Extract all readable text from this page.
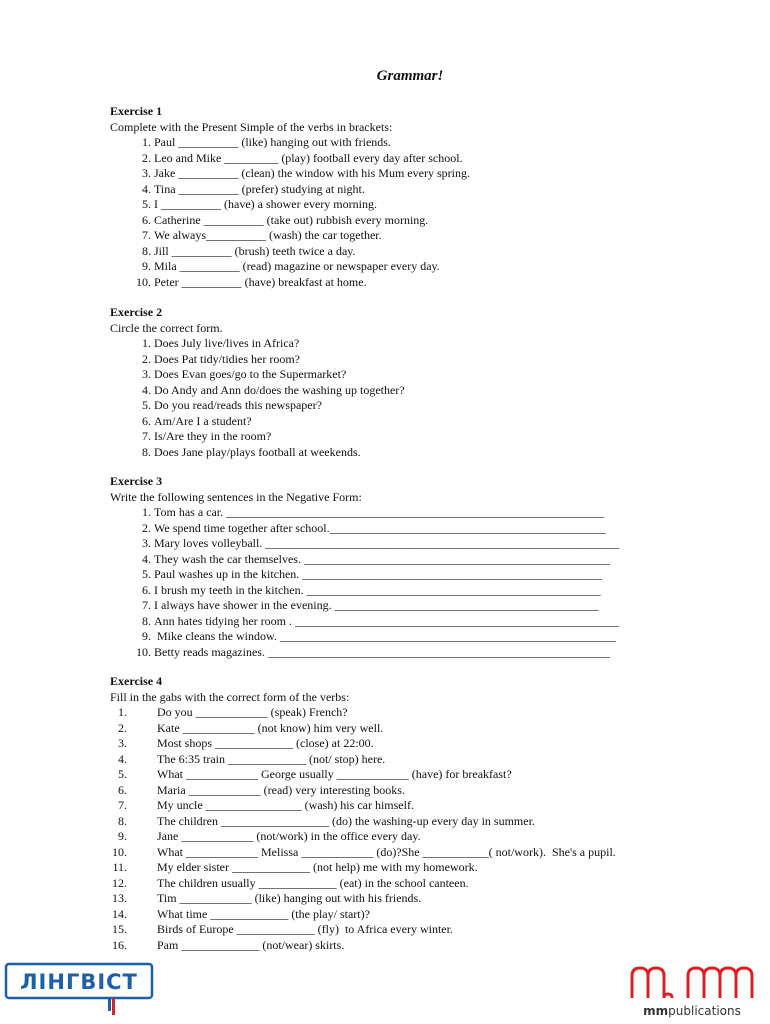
Grammar!
Exercise 1

Complete with the Present Simple of the verbs in brackets:

1. Paul __________ (like) hanging out with friends.
2. Leo and Mike _________ (play) football every day after school.
3. Jake __________ (clean) the window with his Mum every spring.
4. Tina __________ (prefer) studying at night.
5. I __________ (have) a shower every morning.
6. Catherine __________ (take out) rubbish every morning.
7. We always__________ (wash) the car together.
8. Jill __________ (brush) teeth twice a day.
9. Mila __________ (read) magazine or newspaper every day.
10. Peter __________ (have) breakfast at home.
Exercise 2

Circle the correct form.

1. Does July live/lives in Africa?
2. Does Pat tidy/tidies her room?
3. Does Evan goes/go to the Supermarket?
4. Do Andy and Ann do/does the washing up together?
5. Do you read/reads this newspaper?
6. Am/Are I a student?
7. Is/Are they in the room?
8. Does Jane play/plays football at weekends.
Exercise 3

Write the following sentences in the Negative Form:

1. Tom has a car. _______________________________________________________________
2. We spend time together after school.______________________________________________
3. Mary loves volleyball. ___________________________________________________________
4. They wash the car themselves. ___________________________________________________
5. Paul washes up in the kitchen. __________________________________________________
6. I brush my teeth in the kitchen. _________________________________________________
7. I always have shower in the evening. ____________________________________________
8. Ann hates tidying her room . ______________________________________________________
9. Mike cleans the window. ________________________________________________________
10. Betty reads magazines. _________________________________________________________
Exercise 4

Fill in the gabs with the correct form of the verbs:

1.	Do you ____________ (speak) French?
2.	Kate ____________ (not know) him very well.
3.	Most shops _____________ (close) at 22:00.
4.	The 6:35 train _____________ (not/ stop) here.
5.	What ____________ George usually ____________ (have) for breakfast?
6.	Maria ____________ (read) very interesting books.
7.	My uncle ________________ (wash) his car himself.
8.	The children __________________ (do) the washing-up every day in summer.
9.	Jane ____________ (not/work) in the office every day.
10.	What ____________ Melissa ____________ (do)?She ___________( not/work).  She's a pupil.
11.	My elder sister _____________ (not help) me with my homework.
12.	The children usually _____________ (eat) in the school canteen.
13.	Tim ____________ (like) hanging out with his friends.
14.	What time _____________ (the play/ start)?
15.	Birds of Europe _____________ (fly)  to Africa every winter.
16.	Pam _____________ (not/wear) skirts.
ЛІНГВІСТ
mmpublications
